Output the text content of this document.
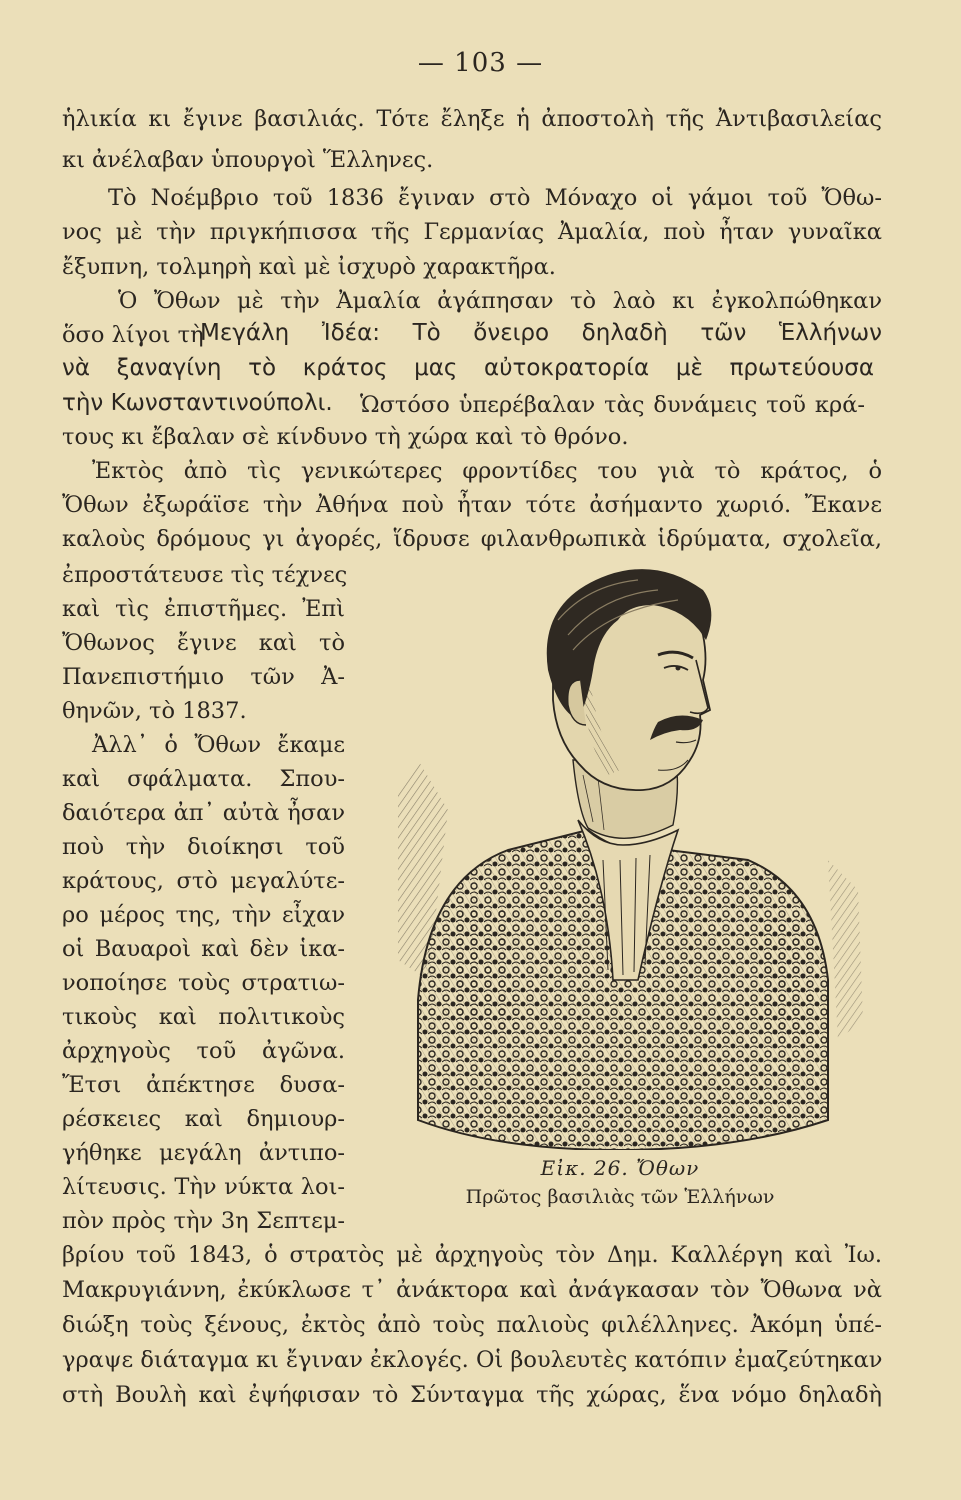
— 103 —
ἡλικία κι ἔγινε βασιλιάς. Τότε ἔληξε ἡ ἀποστολὴ τῆς Ἀντιβασιλείας
κι ἀνέλαβαν ὑπουργοὶ Ἕλληνες.
Τὸ Νοέμβριο τοῦ 1836 ἔγιναν στὸ Μόναχο οἱ γάμοι τοῦ Ὄθω-
νος μὲ τὴν πριγκήπισσα τῆς Γερμανίας Ἀμαλία, ποὺ ἦταν γυναῖκα
ἔξυπνη, τολμηρὴ καὶ μὲ ἰσχυρὸ χαρακτῆρα.
Ὁ Ὄθων μὲ τὴν Ἀμαλία ἀγάπησαν τὸ λαὸ κι ἐγκολπώθηκαν
ὅσο λίγοι τὴ
Μεγάλη Ἰδέα: Τὸ ὄνειρο δηλαδὴ τῶν Ἑλλήνων
νὰ ξαναγίνη τὸ κράτος μας αὐτοκρατορία μὲ πρωτεύουσα
τὴν Κωνσταντινούπολι.	Ὡστόσο ὑπερέβαλαν τὰς δυνάμεις τοῦ κρά-
τους κι ἔβαλαν σὲ κίνδυνο τὴ χώρα καὶ τὸ θρόνο.
Ἐκτὸς ἀπὸ τὶς γενικώτερες φροντίδες του γιὰ τὸ κράτος, ὁ
Ὄθων ἐξωράϊσε τὴν Ἀθήνα ποὺ ἦταν τότε ἀσήμαντο χωριό. Ἔκανε
καλοὺς δρόμους γι ἀγορές, ἵδρυσε φιλανθρωπικὰ ἱδρύματα, σχολεῖα,
ἐπροστάτευσε τὶς τέχνες
καὶ τὶς ἐπιστῆμες. Ἐπὶ
Ὄθωνος ἔγινε καὶ τὸ
Πανεπιστήμιο τῶν Ἀ-
θηνῶν, τὸ 1837.
Ἀλλ᾽ ὁ Ὄθων ἔκαμε
καὶ σφάλματα. Σπου-
δαιότερα ἀπ᾽ αὐτὰ ἦσαν
ποὺ τὴν διοίκησι τοῦ
κράτους, στὸ μεγαλύτε-
ρο μέρος της, τὴν εἶχαν
οἱ Βαυαροὶ καὶ δὲν ἱκα-
νοποίησε τοὺς στρατιω-
τικοὺς καὶ πολιτικοὺς
ἀρχηγοὺς τοῦ ἀγῶνα.
Ἔτσι ἀπέκτησε δυσα-
ρέσκειες καὶ δημιουρ-
γήθηκε μεγάλη ἀντιπο-
λίτευσις. Τὴν νύκτα λοι-
πὸν πρὸς τὴν 3η Σεπτεμ-
Εἰκ. 26. Ὄθων
Πρῶτος βασιλιὰς τῶν Ἑλλήνων
βρίου τοῦ 1843, ὁ στρατὸς μὲ ἀρχηγοὺς τὸν Δημ. Καλλέργη καὶ Ἰω.
Μακρυγιάννη, ἐκύκλωσε τ᾽ ἀνάκτορα καὶ ἀνάγκασαν τὸν Ὄθωνα νὰ
διώξη τοὺς ξένους, ἐκτὸς ἀπὸ τοὺς παλιοὺς φιλέλληνες. Ἀκόμη ὑπέ-
γραψε διάταγμα κι ἔγιναν ἐκλογές. Οἱ βουλευτὲς κατόπιν ἐμαζεύτηκαν
στὴ Βουλὴ καὶ ἐψήφισαν τὸ Σύνταγμα τῆς χώρας, ἕνα νόμο δηλαδὴ
